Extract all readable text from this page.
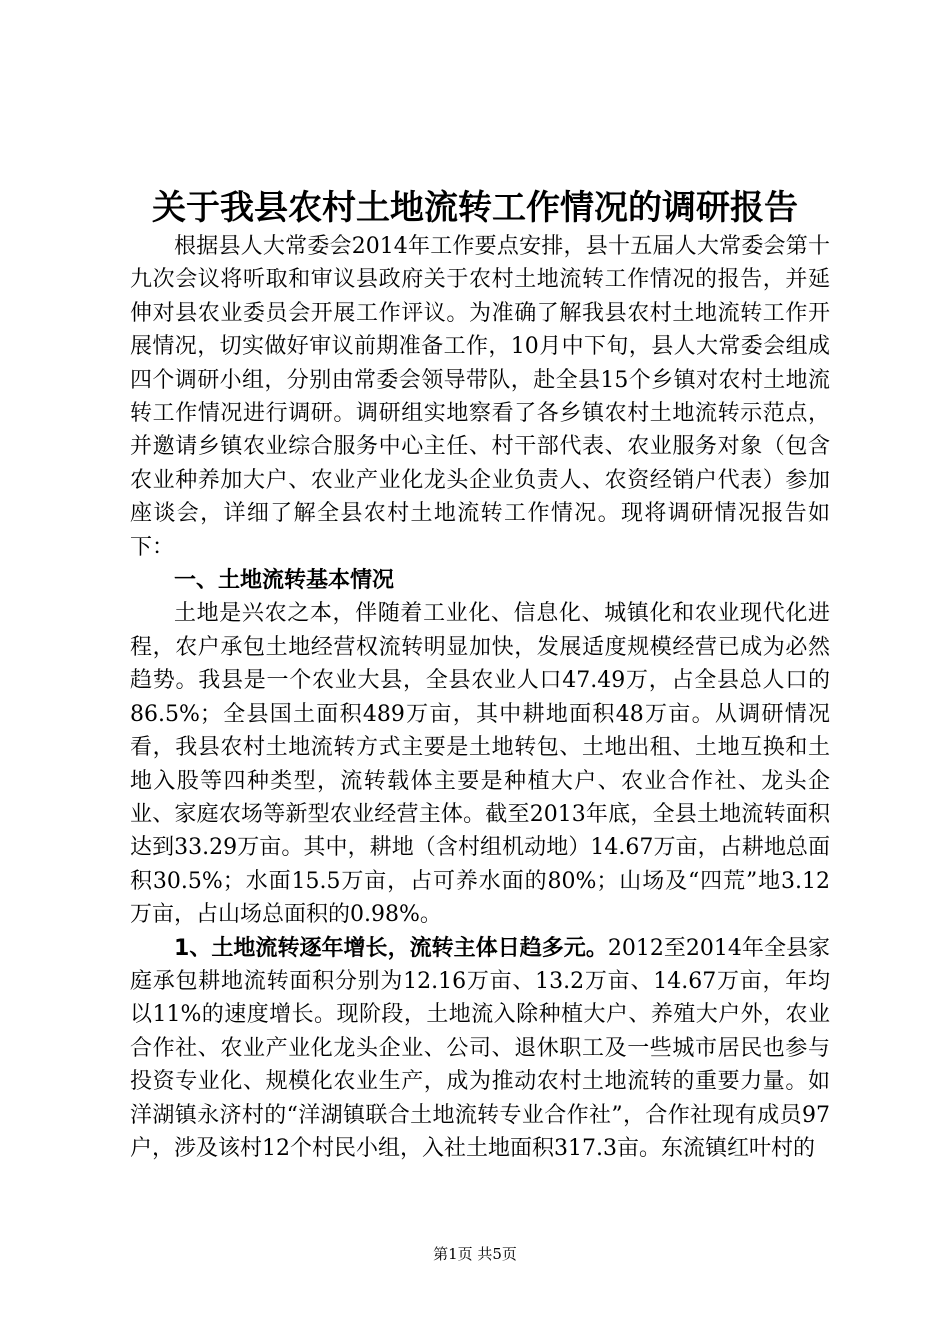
关于我县农村土地流转工作情况的调研报告

根据县人大常委会2014年工作要点安排，县十五届人大常委会第十九次会议将听取和审议县政府关于农村土地流转工作情况的报告，并延伸对县农业委员会开展工作评议。为准确了解我县农村土地流转工作开展情况，切实做好审议前期准备工作，10月中下旬，县人大常委会组成四个调研小组，分别由常委会领导带队，赴全县15个乡镇对农村土地流转工作情况进行调研。调研组实地察看了各乡镇农村土地流转示范点，并邀请乡镇农业综合服务中心主任、村干部代表、农业服务对象（包含农业种养加大户、农业产业化龙头企业负责人、农资经销户代表）参加座谈会，详细了解全县农村土地流转工作情况。现将调研情况报告如下：

一、土地流转基本情况

土地是兴农之本，伴随着工业化、信息化、城镇化和农业现代化进程，农户承包土地经营权流转明显加快，发展适度规模经营已成为必然趋势。我县是一个农业大县，全县农业人口47.49万，占全县总人口的86.5%；全县国土面积489万亩，其中耕地面积48万亩。从调研情况看，我县农村土地流转方式主要是土地转包、土地出租、土地互换和土地入股等四种类型，流转载体主要是种植大户、农业合作社、龙头企业、家庭农场等新型农业经营主体。截至2013年底，全县土地流转面积达到33.29万亩。其中，耕地（含村组机动地）14.67万亩，占耕地总面积30.5%；水面15.5万亩，占可养水面的80%；山场及“四荒”地3.12万亩，占山场总面积的0.98%。

1、土地流转逐年增长，流转主体日趋多元。2012至2014年全县家庭承包耕地流转面积分别为12.16万亩、13.2万亩、14.67万亩，年均以11%的速度增长。现阶段，土地流入除种植大户、养殖大户外，农业合作社、农业产业化龙头企业、公司、退休职工及一些城市居民也参与投资专业化、规模化农业生产，成为推动农村土地流转的重要力量。如洋湖镇永济村的“洋湖镇联合土地流转专业合作社”，合作社现有成员97户，涉及该村12个村民小组，入社土地面积317.3亩。东流镇红叶村的

第1页 共5页
